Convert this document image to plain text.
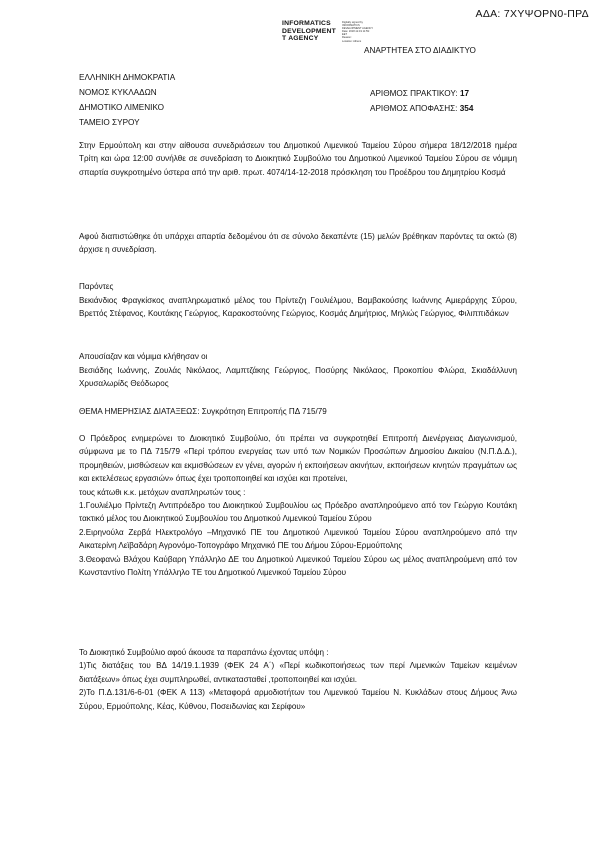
ΑΔΑ: 7ΧΥΨΟΡΝ0-ΠΡΔ
INFORMATICS
DEVELOPMENT
T AGENCY
Digitally signed by
INFORMATICS
DEVELOPMENT AGENCY
Date: 2018.12.19 11:59:
EET
Reason:
Location: Athens
ΑΝΑΡΤΗΤΕΑ ΣΤΟ ΔΙΑΔΙΚΤΥΟ
ΕΛΛΗΝΙΚΗ ΔΗΜΟΚΡΑΤΙΑ
ΝΟΜΟΣ ΚΥΚΛΑΔΩΝ
ΔΗΜΟΤΙΚΟ ΛΙΜΕΝΙΚΟ
ΤΑΜΕΙΟ ΣΥΡΟΥ
ΑΡΙΘΜΟΣ ΠΡΑΚΤΙΚΟΥ: 17
ΑΡΙΘΜΟΣ ΑΠΟΦΑΣΗΣ: 354

Στην Ερμούπολη και στην αίθουσα συνεδριάσεων του Δημοτικού Λιμενικού Ταμείου Σύρου σήμερα 18/12/2018 ημέρα Τρίτη και ώρα 12:00 συνήλθε σε συνεδρίαση το Διοικητικό Συμβούλιο του Δημοτικού Λιμενικού Ταμείου Σύρου σε νόμιμη σπαρτία συγκροτημένο ύστερα από την αριθ. πρωτ. 4074/14-12-2018 πρόσκληση του Προέδρου του Δημητρίου Κοσμά

Αφού διαπιστώθηκε ότι υπάρχει απαρτία δεδομένου ότι σε σύνολο δεκαπέντε (15) μελών βρέθηκαν παρόντες τα οκτώ (8) άρχισε η συνεδρίαση.

Παρόντες

Βεκιάνδιος Φραγκίσκος αναπληρωματικό μέλος του Πρίντεζη Γουλιέλμου, Βαμβακούσης Ιωάννης Αμιεράρχης Σύρου, Βρεττός Στέφανος, Κουτάκης Γεώργιος, Καρακοστούνης Γεώργιος, Κοσμάς Δημήτριος, Μηλιώς Γεώργιος, Φιλιππιδάκων

Απουσίαζαν και νόμιμα κλήθησαν οι

Βεσιάδης Ιωάννης, Ζουλάς Νικόλαος, Λαμπτζάκης Γεώργιος, Ποσύρης Νικόλαος, Προκοπίου Φλώρα, Σκιαδάλλυνη Χρυσαλωρίδς Θεόδωρος

ΘΕΜΑ ΗΜΕΡΗΣΙΑΣ ΔΙΑΤΑΞΕΩΣ: Συγκρότηση Επιτροπής ΠΔ 715/79

Ο Πρόεδρος ενημερώνει το Διοικητικό Συμβούλιο, ότι πρέπει να συγκροτηθεί Επιτροπή Διενέργειας Διαγωνισμού, σύμφωνα με το ΠΔ 715/79 «Περί τρόπου ενεργείας των υπό των Νομικών Προσώπων Δημοσίου Δικαίου (Ν.Π.Δ.Δ.), προμηθειών, μισθώσεων και εκμισθώσεων εν γένει, αγορών ή εκποιήσεων ακινήτων, εκποιήσεων κινητών πραγμάτων ως και εκτελέσεως εργασιών» όπως έχει τροποποιηθεί και ισχύει και προτείνει,

τους κάτωθι κ.κ. μετόχων αναπληρωτών τους :

1.Γουλιέλμο Πρίντεζη Αντιπρόεδρο του Διοικητικού Συμβουλίου ως Πρόεδρο αναπληρούμενο από τον Γεώργιο Κουτάκη τακτικό μέλος του Διοικητικού Συμβουλίου του Δημοτικού Λιμενικού Ταμείου Σύρου

2.Ειρηνούλα Ζερβά Ηλεκτρολόγο –Μηχανικό ΠΕ του Δημοτικού Λιμενικού Ταμείου Σύρου αναπληρούμενο από την Αικατερίνη Λεϊβαδάρη Αγρονόμο-Τοπογράφο Μηχανικό ΠΕ του Δήμου Σύρου-Ερμούπολης

3.Θεοφανώ Βλάχου Καύβαρη Υπάλληλο ΔΕ του Δημοτικού Λιμενικού Ταμείου Σύρου ως μέλος αναπληρούμενη από τον Κωνσταντίνο Πολίτη Υπάλληλο ΤΕ του Δημοτικού Λιμενικού Ταμείου Σύρου

Το Διοικητικό Συμβούλιο αφού άκουσε τα παραπάνω έχοντας υπόψη :

1)Τις διατάξεις του ΒΔ 14/19.1.1939 (ΦΕΚ 24 Α΄) «Περί κωδικοποιήσεως των περί Λιμενικών Ταμείων κειμένων διατάξεων» όπως έχει συμπληρωθεί, αντικατασταθεί ,τροποποιηθεί και ισχύει.

2)Το Π.Δ.131/6-6-01 (ΦΕΚ Α 113) «Μεταφορά αρμοδιοτήτων του Λιμενικού Ταμείου Ν. Κυκλάδων στους Δήμους Άνω Σύρου, Ερμούπολης, Κέας, Κύθνου, Ποσειδωνίας και Σερίφου»
